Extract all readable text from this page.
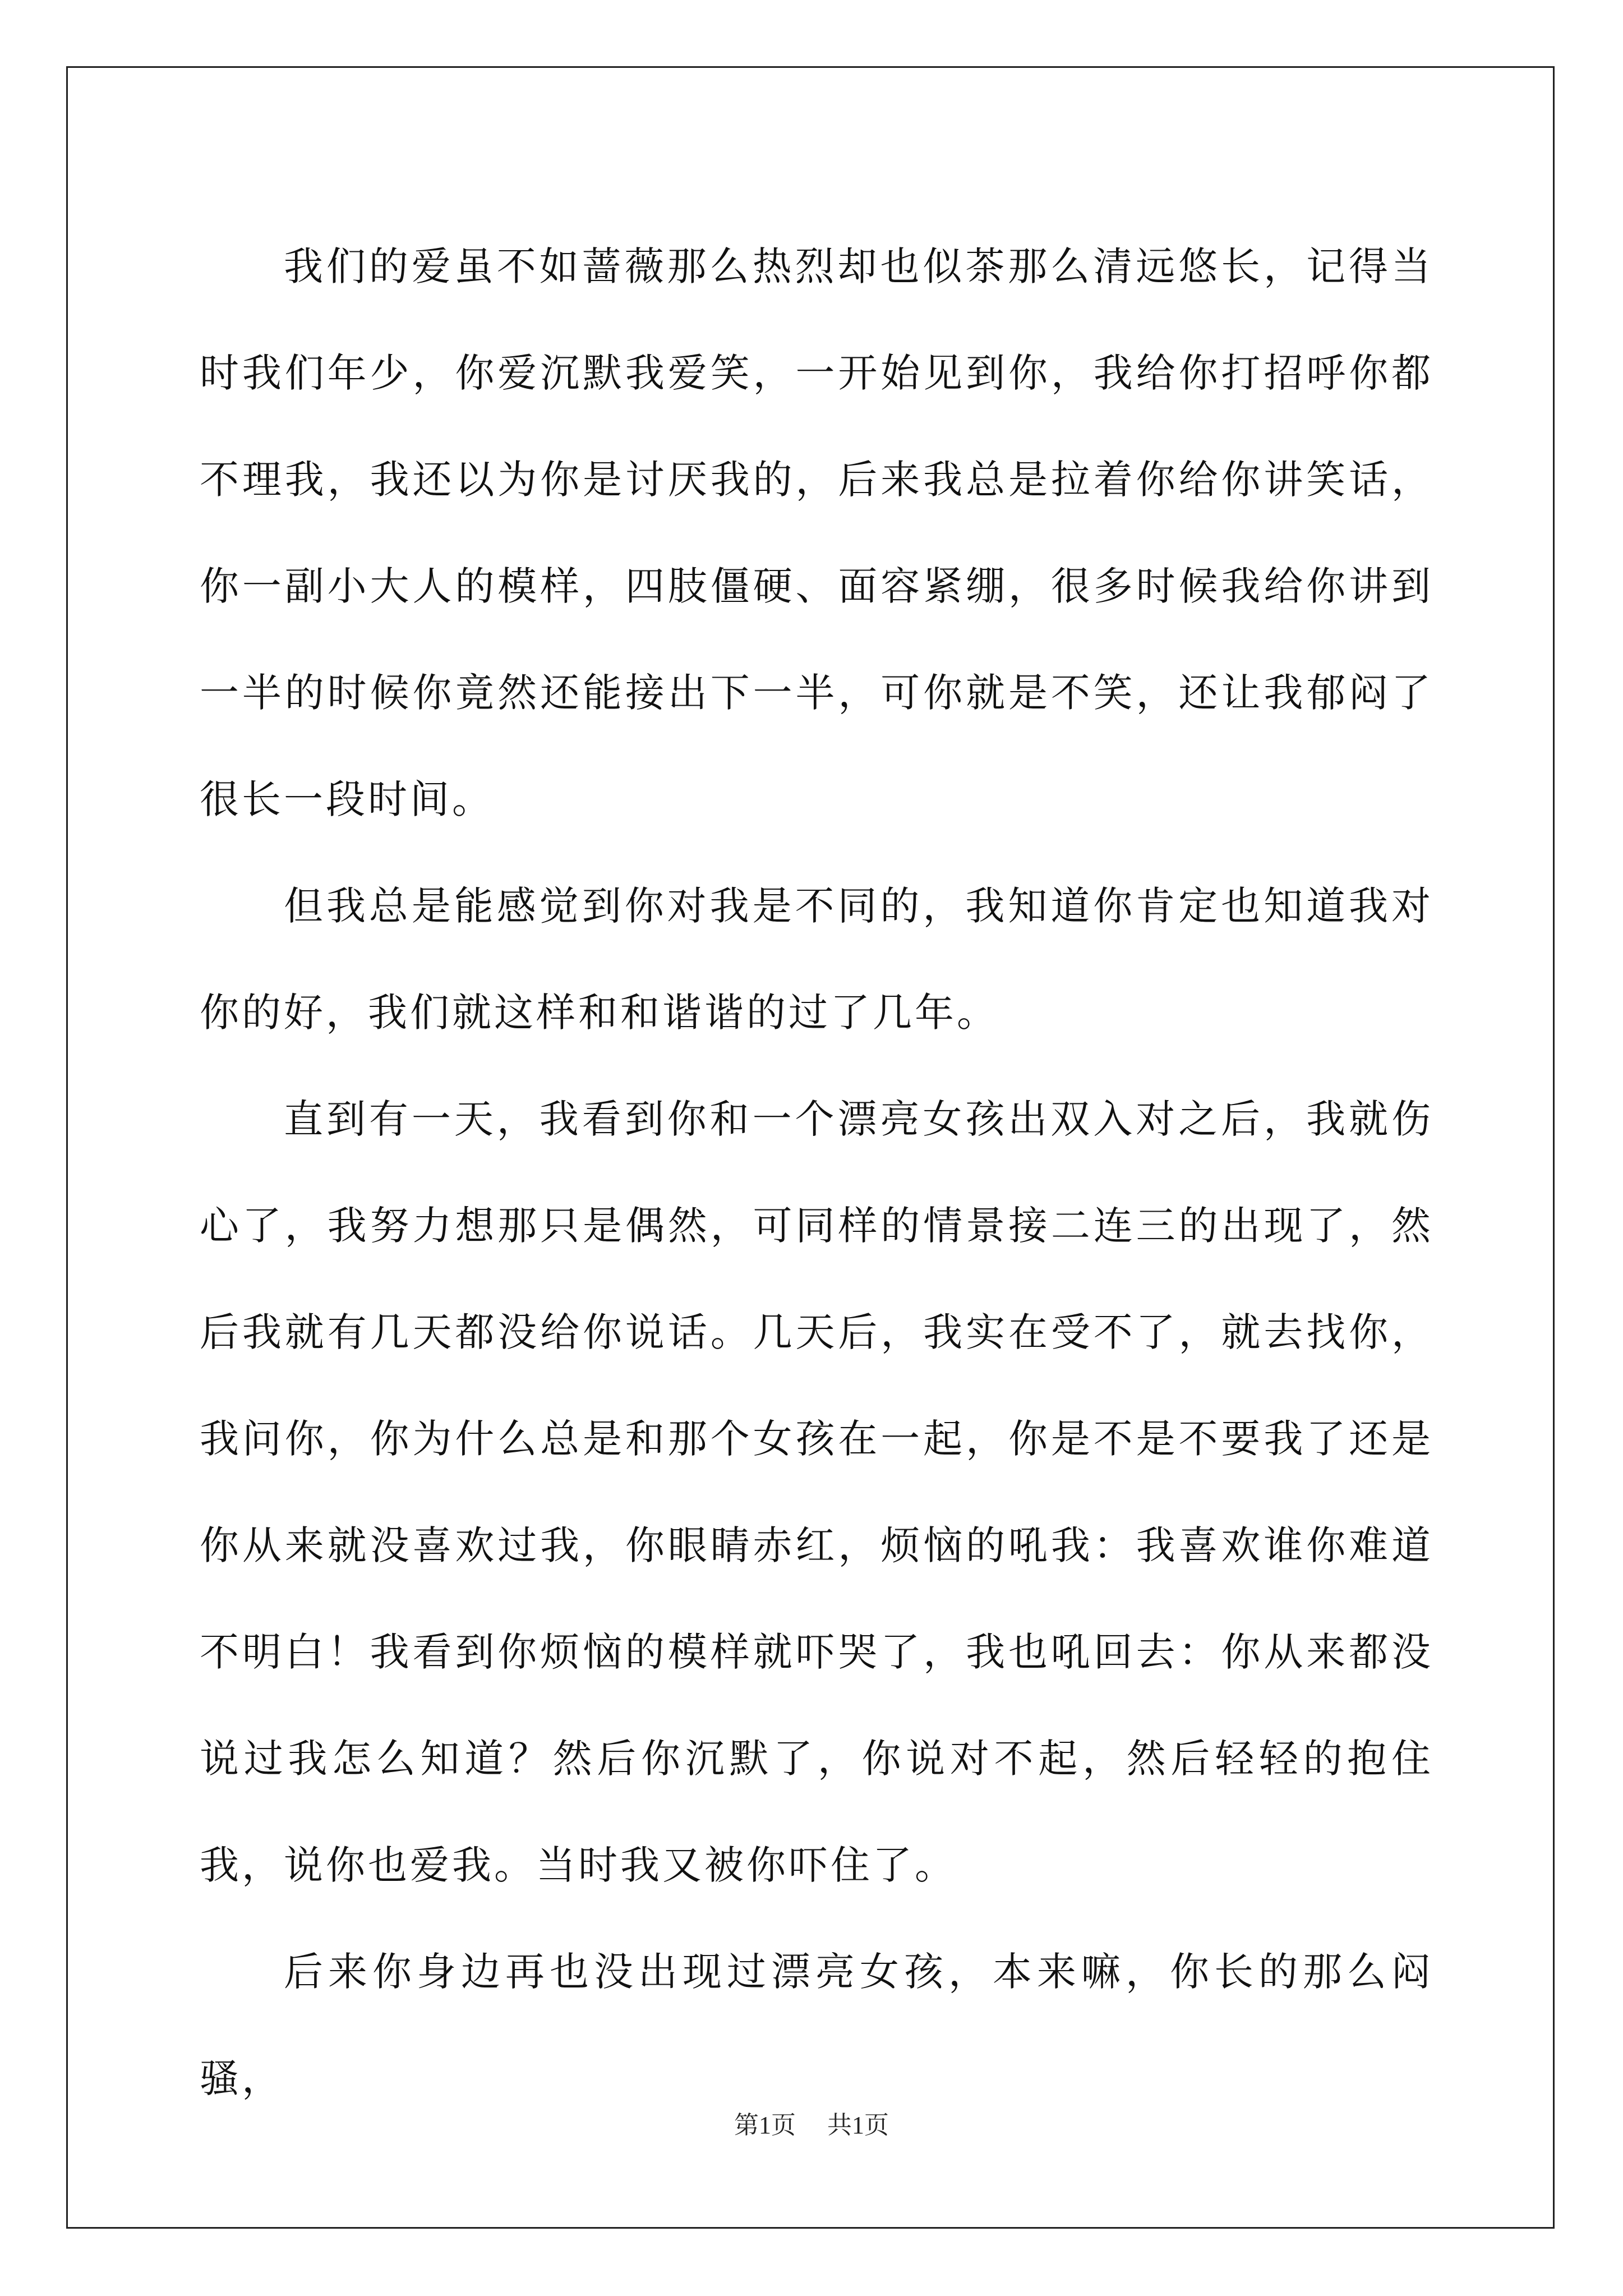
我们的爱虽不如蔷薇那么热烈却也似茶那么清远悠长，记得当时我们年少，你爱沉默我爱笑，一开始见到你，我给你打招呼你都不理我，我还以为你是讨厌我的，后来我总是拉着你给你讲笑话，你一副小大人的模样，四肢僵硬、面容紧绷，很多时候我给你讲到一半的时候你竟然还能接出下一半，可你就是不笑，还让我郁闷了很长一段时间。

但我总是能感觉到你对我是不同的，我知道你肯定也知道我对你的好，我们就这样和和谐谐的过了几年。

直到有一天，我看到你和一个漂亮女孩出双入对之后，我就伤心了，我努力想那只是偶然，可同样的情景接二连三的出现了，然后我就有几天都没给你说话。几天后，我实在受不了，就去找你，我问你，你为什么总是和那个女孩在一起，你是不是不要我了还是你从来就没喜欢过我，你眼睛赤红，烦恼的吼我：我喜欢谁你难道不明白！我看到你烦恼的模样就吓哭了，我也吼回去：你从来都没说过我怎么知道？然后你沉默了，你说对不起，然后轻轻的抱住我，说你也爱我。当时我又被你吓住了。

后来你身边再也没出现过漂亮女孩，本来嘛，你长的那么闷骚，

第1页 共1页
